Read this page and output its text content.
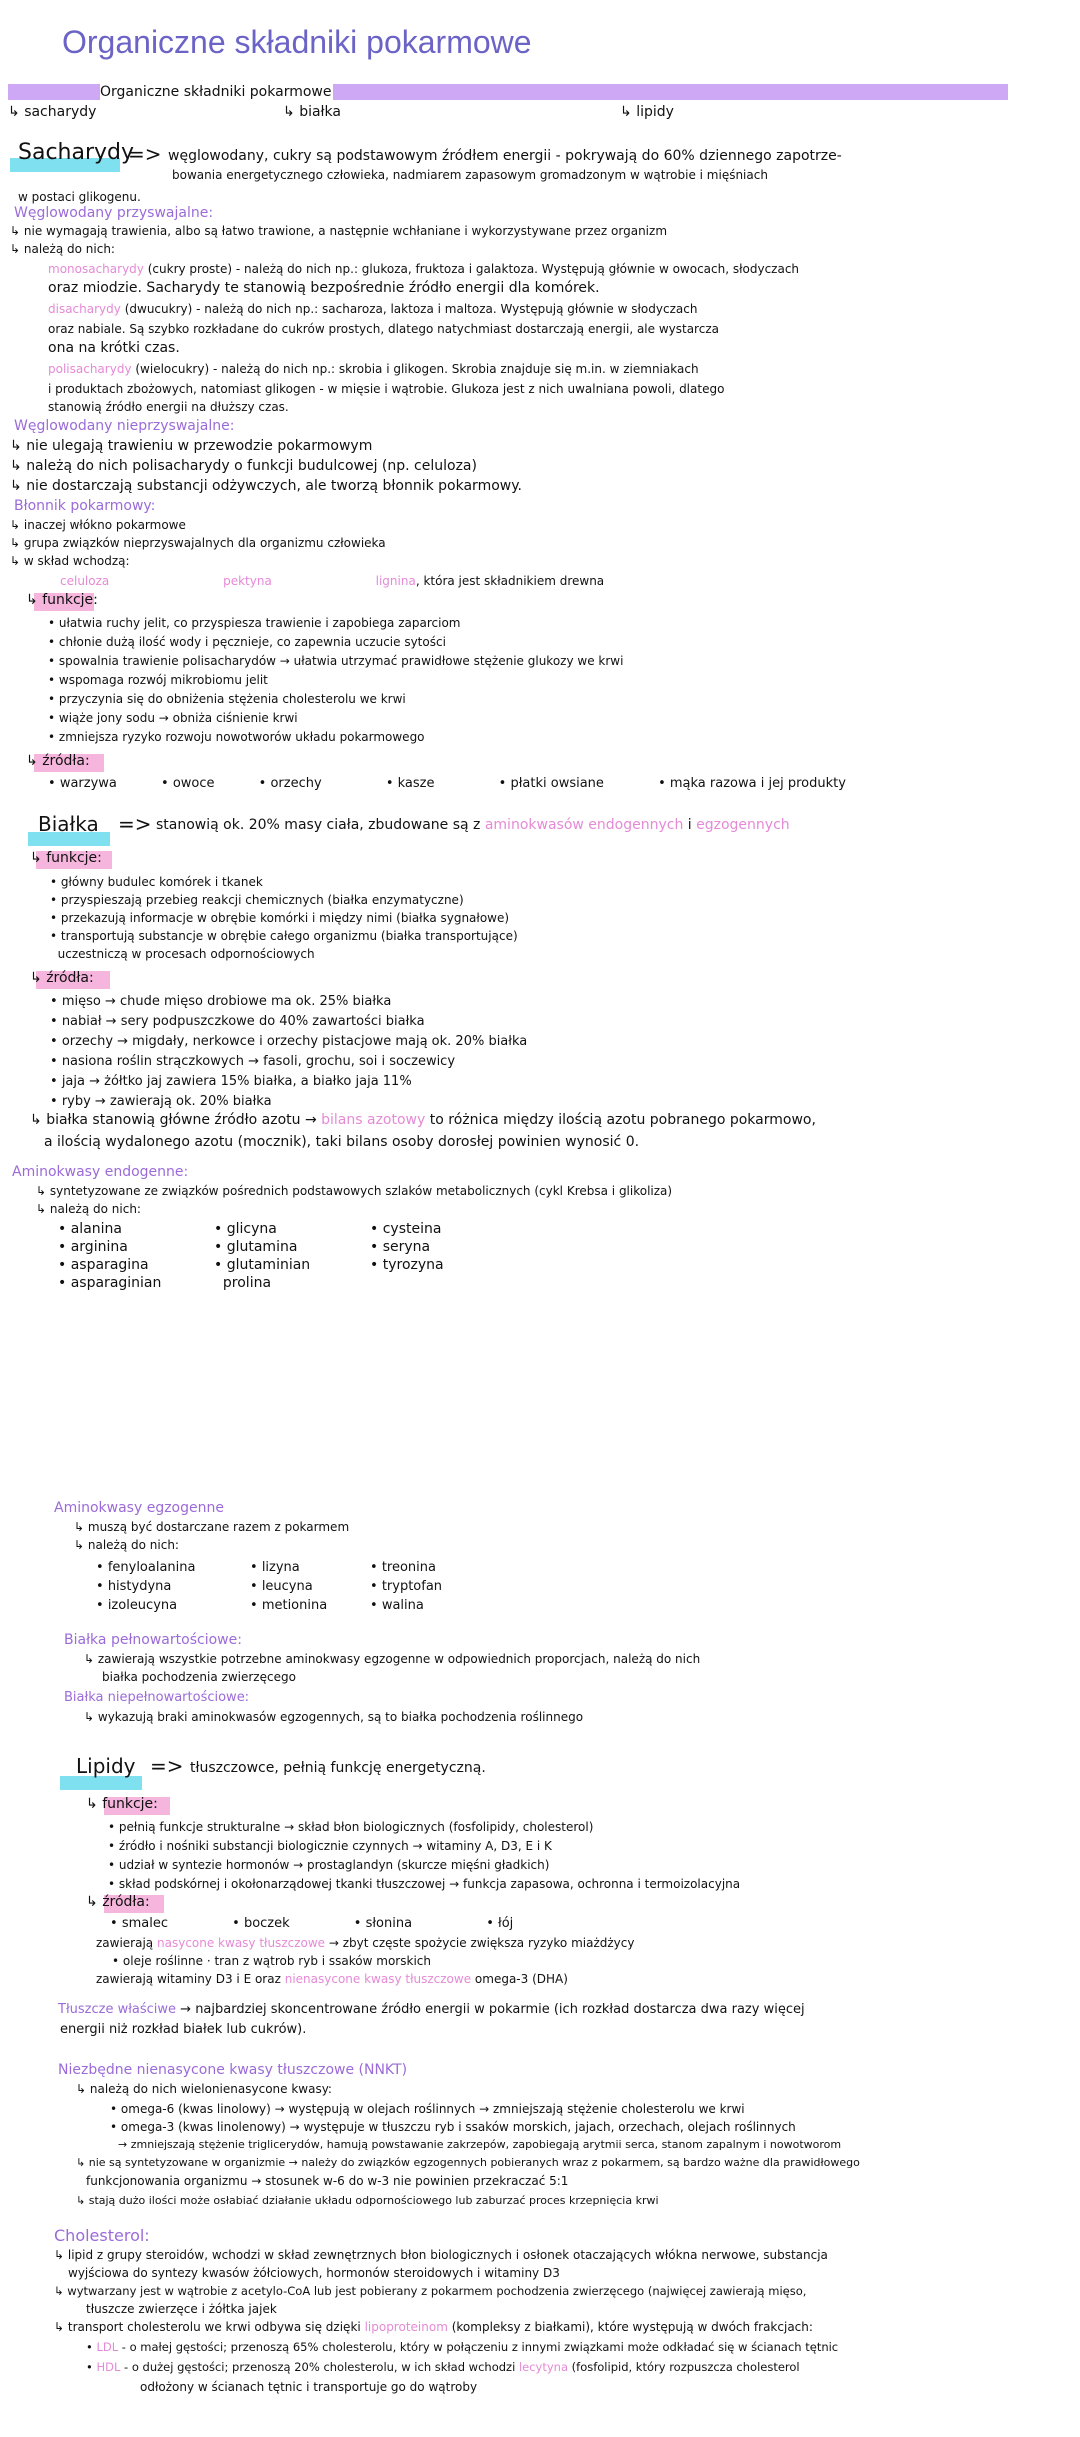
Organiczne składniki pokarmowe
Organiczne składniki pokarmowe
↳ sacharydy	↳ białka	↳ lipidy
Sacharydy
=> węglowodany, cukry są podstawowym źródłem energii - pokrywają do 60% dziennego zapotrze-
bowania energetycznego człowieka, nadmiarem zapasowym gromadzonym w wątrobie i mięśniach
w postaci glikogenu.
Węglowodany przyswajalne:
↳ nie wymagają trawienia, albo są łatwo trawione, a następnie wchłaniane i wykorzystywane przez organizm
↳ należą do nich:
monosacharydy (cukry proste) - należą do nich np.: glukoza, fruktoza i galaktoza. Występują głównie w owocach, słodyczach
oraz miodzie. Sacharydy te stanowią bezpośrednie źródło energii dla komórek.
disacharydy (dwucukry) - należą do nich np.: sacharoza, laktoza i maltoza. Występują głównie w słodyczach
oraz nabiale. Są szybko rozkładane do cukrów prostych, dlatego natychmiast dostarczają energii, ale wystarcza
ona na krótki czas.
polisacharydy (wielocukry) - należą do nich np.: skrobia i glikogen. Skrobia znajduje się m.in. w ziemniakach
i produktach zbożowych, natomiast glikogen - w mięsie i wątrobie. Glukoza jest z nich uwalniana powoli, dlatego
stanowią źródło energii na dłuższy czas.
Węglowodany nieprzyswajalne:
↳ nie ulegają trawieniu w przewodzie pokarmowym
↳ należą do nich polisacharydy o funkcji budulcowej (np. celuloza)
↳ nie dostarczają substancji odżywczych, ale tworzą błonnik pokarmowy.
Błonnik pokarmowy:
↳ inaczej włókno pokarmowe
↳ grupa związków nieprzyswajalnych dla organizmu człowieka
↳ w skład wchodzą:
celuloza	pektyna	lignina, która jest składnikiem drewna
↳ funkcje:
• ułatwia ruchy jelit, co przyspiesza trawienie i zapobiega zaparciom
• chłonie dużą ilość wody i pęcznieje, co zapewnia uczucie sytości
• spowalnia trawienie polisacharydów → ułatwia utrzymać prawidłowe stężenie glukozy we krwi
• wspomaga rozwój mikrobiomu jelit
• przyczynia się do obniżenia stężenia cholesterolu we krwi
• wiąże jony sodu → obniża ciśnienie krwi
• zmniejsza ryzyko rozwoju nowotworów układu pokarmowego
↳ źródła:
• warzywa	• owoce	• orzechy	• kasze	• płatki owsiane	• mąka razowa i jej produkty
Białka => stanowią ok. 20% masy ciała, zbudowane są z aminokwasów endogennych i egzogennych
↳ funkcje:
• główny budulec komórek i tkanek
• przyspieszają przebieg reakcji chemicznych (białka enzymatyczne)
• przekazują informacje w obrębie komórki i między nimi (białka sygnałowe)
• transportują substancje w obrębie całego organizmu (białka transportujące)
uczestniczą w procesach odpornościowych
↳ źródła:
• mięso → chude mięso drobiowe ma ok. 25% białka
• nabiał → sery podpuszczkowe do 40% zawartości białka
• orzechy → migdały, nerkowce i orzechy pistacjowe mają ok. 20% białka
• nasiona roślin strączkowych → fasoli, grochu, soi i soczewicy
• jaja → żółtko jaj zawiera 15% białka, a białko jaja 11%
• ryby → zawierają ok. 20% białka
↳ białka stanowią główne źródło azotu → bilans azotowy to różnica między ilością azotu pobranego pokarmowo,
a ilością wydalonego azotu (mocznik), taki bilans osoby dorosłej powinien wynosić 0.
Aminokwasy endogenne:
↳ syntetyzowane ze związków pośrednich podstawowych szlaków metabolicznych (cykl Krebsa i glikoliza)
↳ należą do nich:
• alanina
• arginina
• asparagina
• asparaginian
• glicyna
• glutamina
• glutaminian
prolina
• cysteina
• seryna
• tyrozyna
Aminokwasy egzogenne
↳ muszą być dostarczane razem z pokarmem
↳ należą do nich:
• fenyloalanina
• histydyna
• izoleucyna
• lizyna
• leucyna
• metionina
• treonina
• tryptofan
• walina
Białka pełnowartościowe:
↳ zawierają wszystkie potrzebne aminokwasy egzogenne w odpowiednich proporcjach, należą do nich
białka pochodzenia zwierzęcego
Białka niepełnowartościowe:
↳ wykazują braki aminokwasów egzogennych, są to białka pochodzenia roślinnego
Lipidy => tłuszczowce, pełnią funkcję energetyczną.
↳ funkcje:
• pełnią funkcje strukturalne → skład błon biologicznych (fosfolipidy, cholesterol)
• źródło i nośniki substancji biologicznie czynnych → witaminy A, D3, E i K
• udział w syntezie hormonów → prostaglandyn (skurcze mięśni gładkich)
• skład podskórnej i okołonarządowej tkanki tłuszczowej → funkcja zapasowa, ochronna i termoizolacyjna
↳ źródła:
• smalec	• boczek	• słonina	• łój
zawierają nasycone kwasy tłuszczowe → zbyt częste spożycie zwiększa ryzyko miażdżycy
• oleje roślinne · tran z wątrob ryb i ssaków morskich
zawierają witaminy D3 i E oraz nienasycone kwasy tłuszczowe omega-3 (DHA)
Tłuszcze właściwe → najbardziej skoncentrowane źródło energii w pokarmie (ich rozkład dostarcza dwa razy więcej
energii niż rozkład białek lub cukrów).
Niezbędne nienasycone kwasy tłuszczowe (NNKT)
↳ należą do nich wielonienasycone kwasy:
• omega-6 (kwas linolowy) → występują w olejach roślinnych → zmniejszają stężenie cholesterolu we krwi
• omega-3 (kwas linolenowy) → występuje w tłuszczu ryb i ssaków morskich, jajach, orzechach, olejach roślinnych
→ zmniejszają stężenie triglicerydów, hamują powstawanie zakrzepów, zapobiegają arytmii serca, stanom zapalnym i nowotworom
↳ nie są syntetyzowane w organizmie → należy do związków egzogennych pobieranych wraz z pokarmem, są bardzo ważne dla prawidłowego
funkcjonowania organizmu → stosunek w-6 do w-3 nie powinien przekraczać 5:1
↳ stają dużo ilości może osłabiać działanie układu odpornościowego lub zaburzać proces krzepnięcia krwi
Cholesterol:
↳ lipid z grupy steroidów, wchodzi w skład zewnętrznych błon biologicznych i osłonek otaczających włókna nerwowe, substancja
wyjściowa do syntezy kwasów żółciowych, hormonów steroidowych i witaminy D3
↳ wytwarzany jest w wątrobie z acetylo-CoA lub jest pobierany z pokarmem pochodzenia zwierzęcego (najwięcej zawierają mięso,
tłuszcze zwierzęce i żółtka jajek
↳ transport cholesterolu we krwi odbywa się dzięki lipoproteinom (kompleksy z białkami), które występują w dwóch frakcjach:
• LDL - o małej gęstości; przenoszą 65% cholesterolu, który w połączeniu z innymi związkami może odkładać się w ścianach tętnic
• HDL - o dużej gęstości; przenoszą 20% cholesterolu, w ich skład wchodzi lecytyna (fosfolipid, który rozpuszcza cholesterol
odłożony w ścianach tętnic i transportuje go do wątroby
